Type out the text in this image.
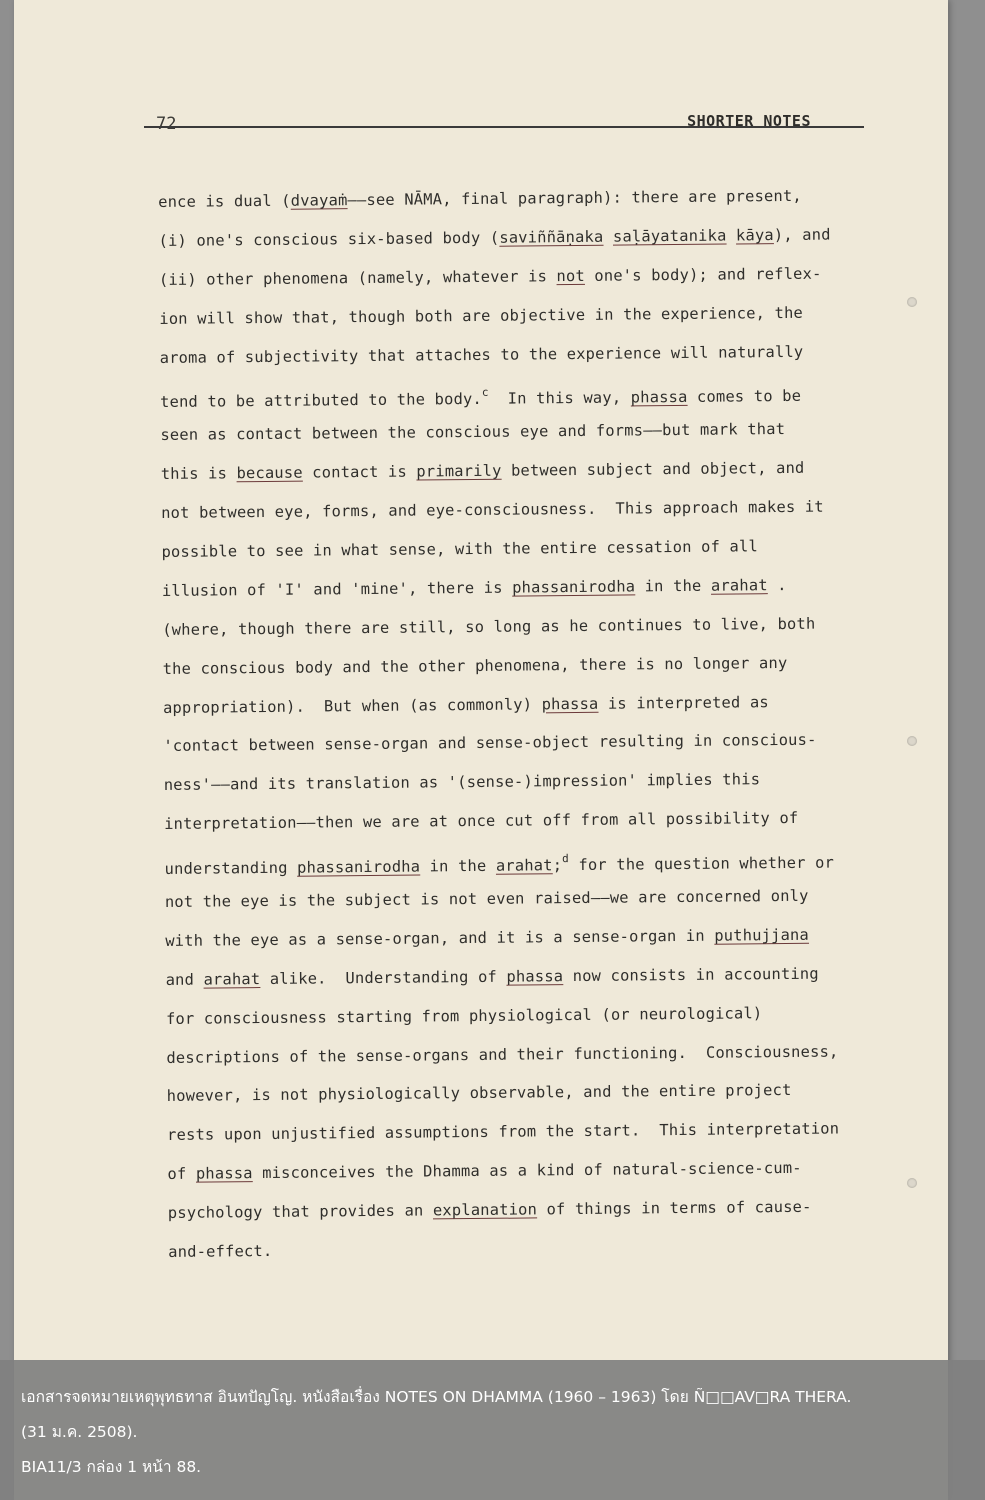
72	SHORTER NOTES
ence is dual (dvayaṁ——see NĀMA, final paragraph): there are present,
(i) one's conscious six-based body (saviññāṇaka saḷāyatanika kāya), and
(ii) other phenomena (namely, whatever is not one's body); and reflex-
ion will show that, though both are objective in the experience, the
aroma of subjectivity that attaches to the experience will naturally
tend to be attributed to the body.$^c$  In this way, phassa comes to be
seen as contact between the conscious eye and forms——but mark that
this is because contact is primarily between subject and object, and
not between eye, forms, and eye-consciousness.  This approach makes it
possible to see in what sense, with the entire cessation of all
illusion of 'I' and 'mine', there is phassanirodha in the arahat .
(where, though there are still, so long as he continues to live, both
the conscious body and the other phenomena, there is no longer any
appropriation).  But when (as commonly) phassa is interpreted as
'contact between sense-organ and sense-object resulting in conscious-
ness'——and its translation as '(sense-)impression' implies this
interpretation——then we are at once cut off from all possibility of
understanding phassanirodha in the arahat;$^d$ for the question whether or
not the eye is the subject is not even raised——we are concerned only
with the eye as a sense-organ, and it is a sense-organ in puthujjana
and arahat alike.  Understanding of phassa now consists in accounting
for consciousness starting from physiological (or neurological)
descriptions of the sense-organs and their functioning.  Consciousness,
however, is not physiologically observable, and the entire project
rests upon unjustified assumptions from the start.  This interpretation
of phassa misconceives the Dhamma as a kind of natural-science-cum-
psychology that provides an explanation of things in terms of cause-
and-effect.
เอกสารจดหมายเหตุพุทธทาส อินทปัญโญ. หนังสือเรื่อง NOTES ON DHAMMA (1960 – 1963) โดย Ñ□□AV□RA THERA.
(31 ม.ค. 2508).
BIA11/3 กล่อง 1 หน้า 88.
